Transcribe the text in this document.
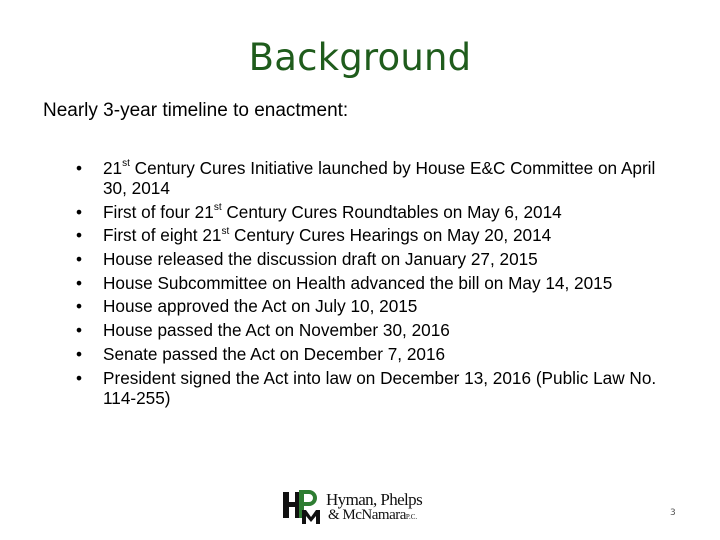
Background
Nearly 3-year timeline to enactment:
• 21st Century Cures Initiative launched by House E&C Committee on April 30, 2014
• First of four 21st Century Cures Roundtables on May 6, 2014
• First of eight 21st Century Cures Hearings on May 20, 2014
• House released the discussion draft on January 27, 2015
• House Subcommittee on Health advanced the bill on May 14, 2015
• House approved the Act on July 10, 2015
• House passed the Act on November 30, 2016
• Senate passed the Act on December 7, 2016
• President signed the Act into law on December 13, 2016 (Public Law No. 114-255)
Hyman, Phelps
& McNamaraP.C.	3
